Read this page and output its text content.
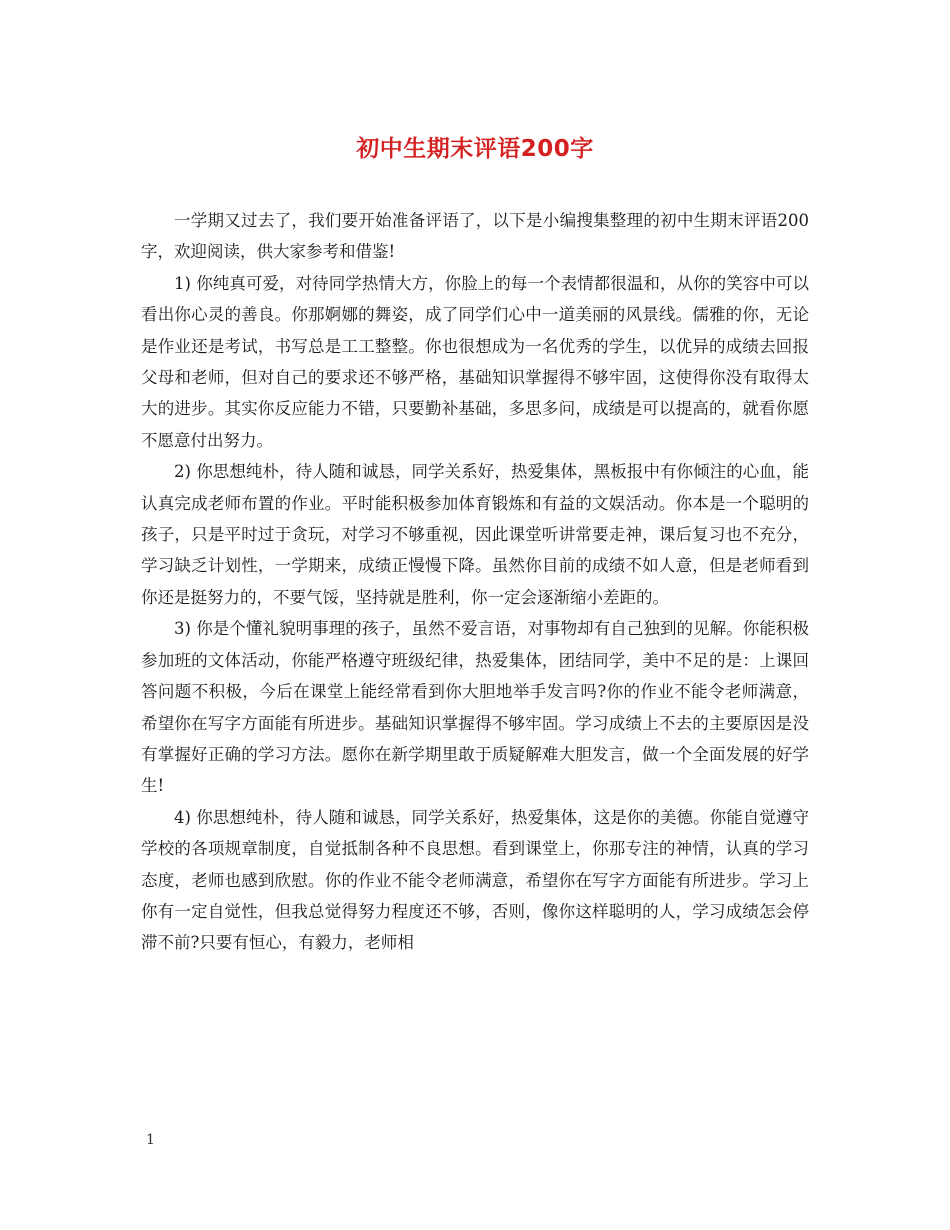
初中生期末评语200字

一学期又过去了，我们要开始准备评语了，以下是小编搜集整理的初中生期末评语200字，欢迎阅读，供大家参考和借鉴!

1) 你纯真可爱，对待同学热情大方，你脸上的每一个表情都很温和，从你的笑容中可以看出你心灵的善良。你那婀娜的舞姿，成了同学们心中一道美丽的风景线。儒雅的你，无论是作业还是考试，书写总是工工整整。你也很想成为一名优秀的学生，以优异的成绩去回报父母和老师，但对自己的要求还不够严格，基础知识掌握得不够牢固，这使得你没有取得太大的进步。其实你反应能力不错，只要勤补基础，多思多问，成绩是可以提高的，就看你愿不愿意付出努力。

2) 你思想纯朴，待人随和诚恳，同学关系好，热爱集体，黑板报中有你倾注的心血，能认真完成老师布置的作业。平时能积极参加体育锻炼和有益的文娱活动。你本是一个聪明的孩子，只是平时过于贪玩，对学习不够重视，因此课堂听讲常要走神，课后复习也不充分，学习缺乏计划性，一学期来，成绩正慢慢下降。虽然你目前的成绩不如人意，但是老师看到你还是挺努力的，不要气馁，坚持就是胜利，你一定会逐渐缩小差距的。

3) 你是个懂礼貌明事理的孩子，虽然不爱言语，对事物却有自己独到的见解。你能积极参加班的文体活动，你能严格遵守班级纪律，热爱集体，团结同学，美中不足的是：上课回答问题不积极，今后在课堂上能经常看到你大胆地举手发言吗?你的作业不能令老师满意，希望你在写字方面能有所进步。基础知识掌握得不够牢固。学习成绩上不去的主要原因是没有掌握好正确的学习方法。愿你在新学期里敢于质疑解难大胆发言，做一个全面发展的好学生!

4) 你思想纯朴，待人随和诚恳，同学关系好，热爱集体，这是你的美德。你能自觉遵守学校的各项规章制度，自觉抵制各种不良思想。看到课堂上，你那专注的神情，认真的学习态度，老师也感到欣慰。你的作业不能令老师满意，希望你在写字方面能有所进步。学习上你有一定自觉性，但我总觉得努力程度还不够，否则，像你这样聪明的人，学习成绩怎会停滞不前?只要有恒心，有毅力，老师相

1
